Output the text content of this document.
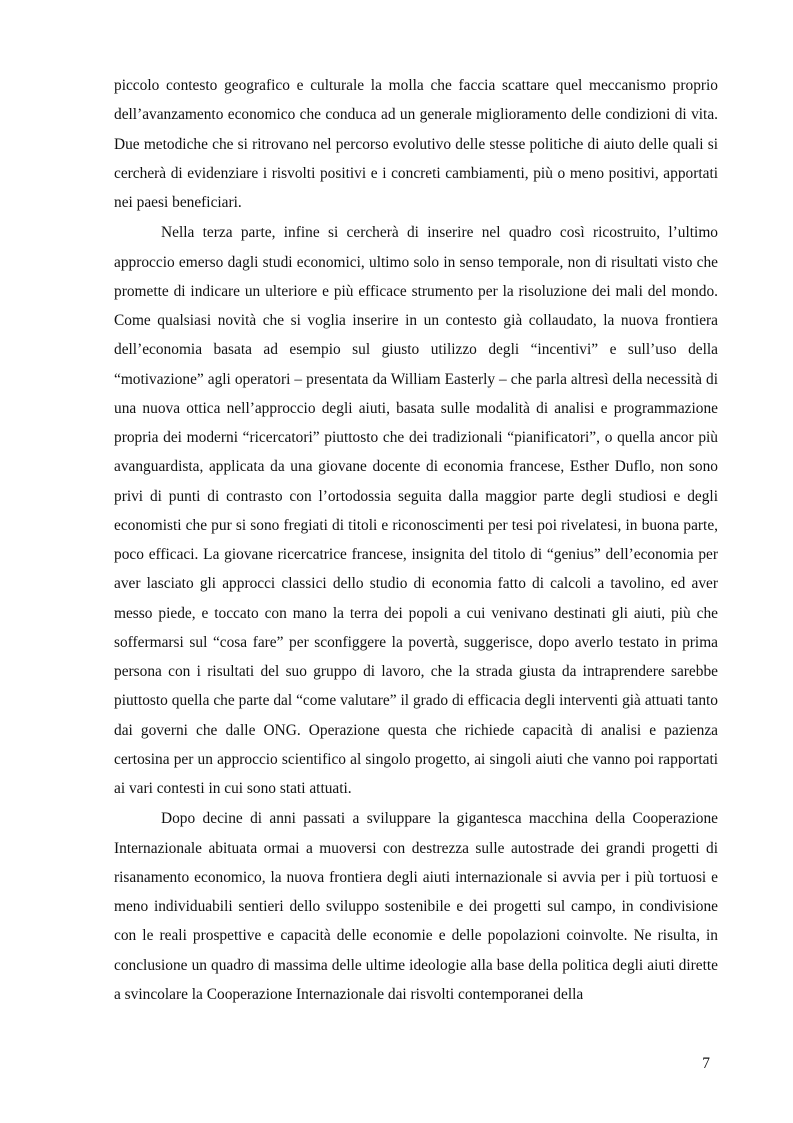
piccolo contesto geografico e culturale la molla che faccia scattare quel meccanismo proprio dell’avanzamento economico che conduca ad un generale miglioramento delle condizioni di vita. Due metodiche che si ritrovano nel percorso evolutivo delle stesse politiche di aiuto delle quali si cercherà di evidenziare i risvolti positivi e i concreti cambiamenti, più o meno positivi, apportati nei paesi beneficiari.

Nella terza parte, infine si cercherà di inserire nel quadro così ricostruito, l’ultimo approccio emerso dagli studi economici, ultimo solo in senso temporale, non di risultati visto che promette di indicare un ulteriore e più efficace strumento per la risoluzione dei mali del mondo. Come qualsiasi novità che si voglia inserire in un contesto già collaudato, la nuova frontiera dell’economia basata ad esempio sul giusto utilizzo degli “incentivi” e sull’uso della “motivazione” agli operatori – presentata da William Easterly – che parla altresì della necessità di una nuova ottica nell’approccio degli aiuti, basata sulle modalità di analisi e programmazione propria dei moderni “ricercatori” piuttosto che dei tradizionali “pianificatori”, o quella ancor più avanguardista, applicata da una giovane docente di economia francese, Esther Duflo, non sono privi di punti di contrasto con l’ortodossia seguita dalla maggior parte degli studiosi e degli economisti che pur si sono fregiati di titoli e riconoscimenti per tesi poi rivelatesi, in buona parte, poco efficaci. La giovane ricercatrice francese, insignita del titolo di “genius” dell’economia per aver lasciato gli approcci classici dello studio di economia fatto di calcoli a tavolino, ed aver messo piede, e toccato con mano la terra dei popoli a cui venivano destinati gli aiuti, più che soffermarsi sul “cosa fare” per sconfiggere la povertà, suggerisce, dopo averlo testato in prima persona con i risultati del suo gruppo di lavoro, che la strada giusta da intraprendere sarebbe piuttosto quella che parte dal “come valutare” il grado di efficacia degli interventi già attuati tanto dai governi che dalle ONG. Operazione questa che richiede capacità di analisi e pazienza certosina per un approccio scientifico al singolo progetto, ai singoli aiuti che vanno poi rapportati ai vari contesti in cui sono stati attuati.

Dopo decine di anni passati a sviluppare la gigantesca macchina della Cooperazione Internazionale abituata ormai a muoversi con destrezza sulle autostrade dei grandi progetti di risanamento economico, la nuova frontiera degli aiuti internazionale si avvia per i più tortuosi e meno individuabili sentieri dello sviluppo sostenibile e dei progetti sul campo, in condivisione con le reali prospettive e capacità delle economie e delle popolazioni coinvolte. Ne risulta, in conclusione un quadro di massima delle ultime ideologie alla base della politica degli aiuti dirette a svincolare la Cooperazione Internazionale dai risvolti contemporanei della

7
